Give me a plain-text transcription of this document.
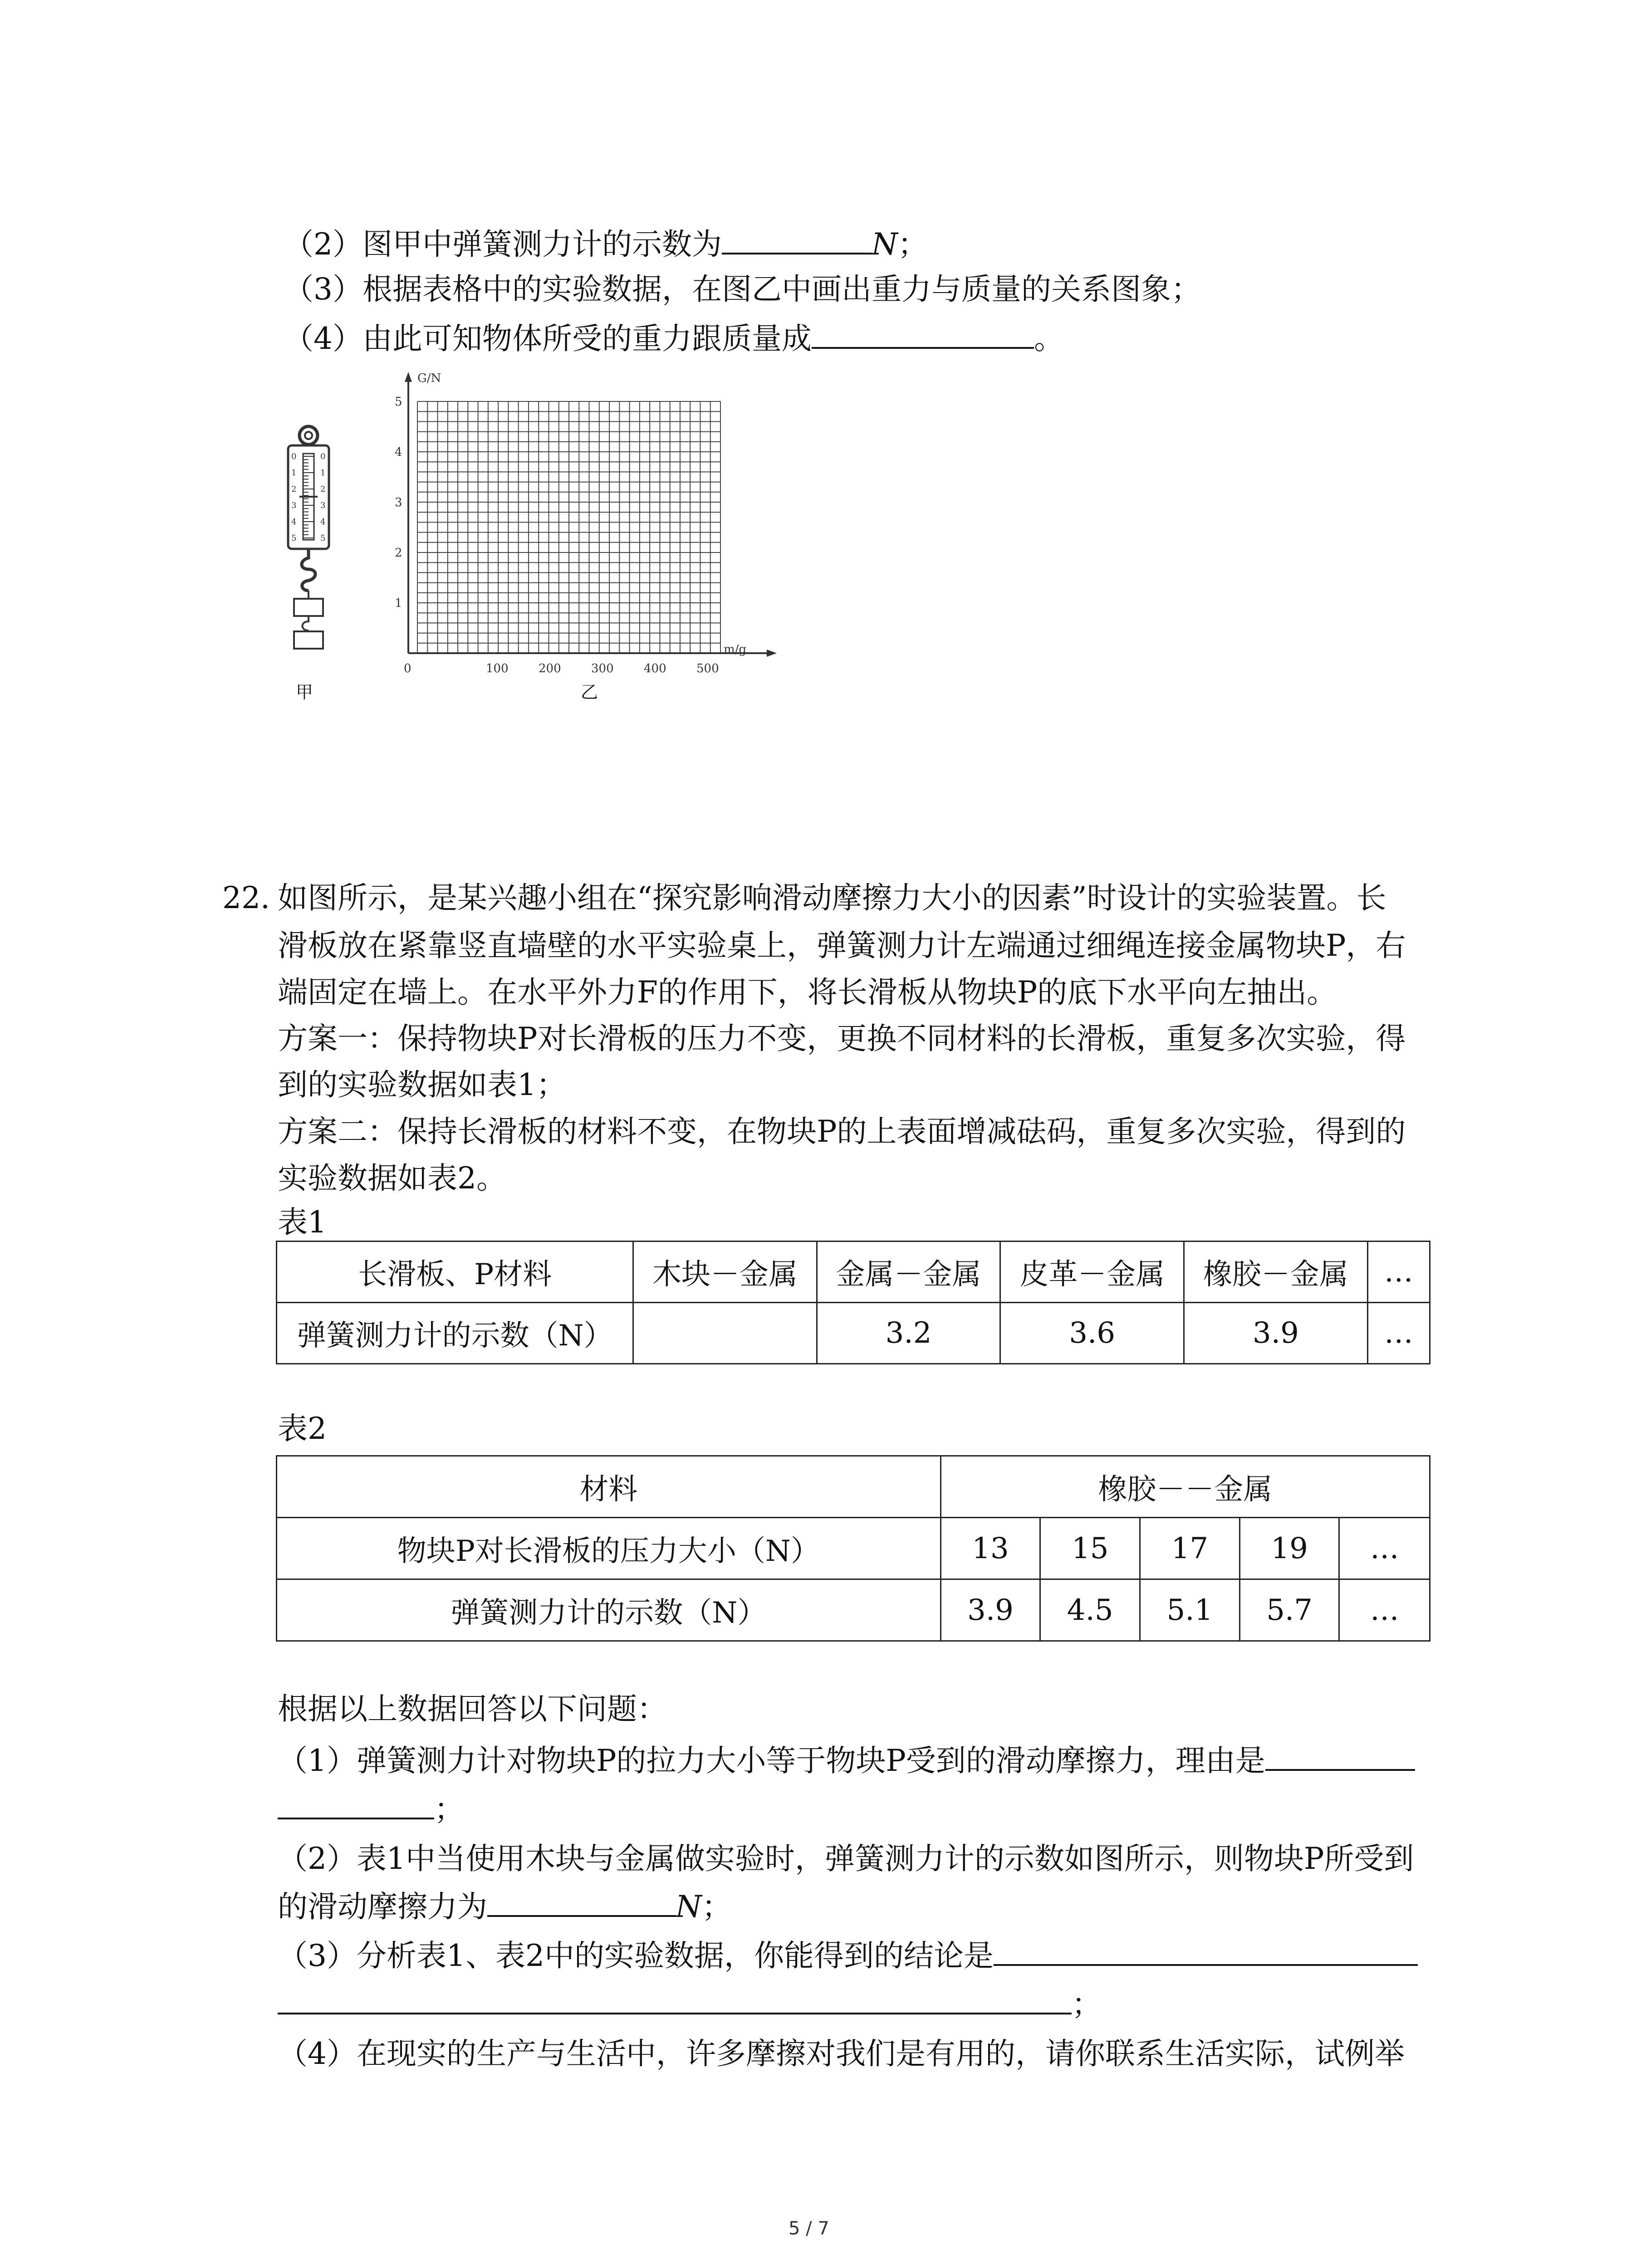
（2）图甲中弹簧测力计的示数为	N；
（3）根据表格中的实验数据，在图乙中画出重力与质量的关系图象；
（4）由此可知物体所受的重力跟质量成	。
0
1
2
3
4
5
0
1
2
3
4
5
甲
G/N
m/g
1
2
3
4
5
0	100	200	300	400	500
乙
22. 如图所示，是某兴趣小组在“探究影响滑动摩擦力大小的因素”时设计的实验装置。长
滑板放在紧靠竖直墙壁的水平实验桌上，弹簧测力计左端通过细绳连接金属物块P，右
端固定在墙上。在水平外力F的作用下，将长滑板从物块P的底下水平向左抽出。
方案一：保持物块P对长滑板的压力不变，更换不同材料的长滑板，重复多次实验，得
到的实验数据如表1；
方案二：保持长滑板的材料不变，在物块P的上表面增减砝码，重复多次实验，得到的
实验数据如表2。
表1
长滑板、P材料	木块－金属	金属－金属	皮革－金属	橡胶－金属	…
弹簧测力计的示数（N）		3.2	3.6	3.9	…
表2
材料	橡胶－－金属				
物块P对长滑板的压力大小（N）	13	15	17	19	…
弹簧测力计的示数（N）	3.9	4.5	5.1	5.7	…
根据以上数据回答以下问题：
（1）弹簧测力计对物块P的拉力大小等于物块P受到的滑动摩擦力，理由是
；
（2）表1中当使用木块与金属做实验时，弹簧测力计的示数如图所示，则物块P所受到
的滑动摩擦力为	N；
（3）分析表1、表2中的实验数据，你能得到的结论是
；
（4）在现实的生产与生活中，许多摩擦对我们是有用的，请你联系生活实际，试例举
5 / 7
